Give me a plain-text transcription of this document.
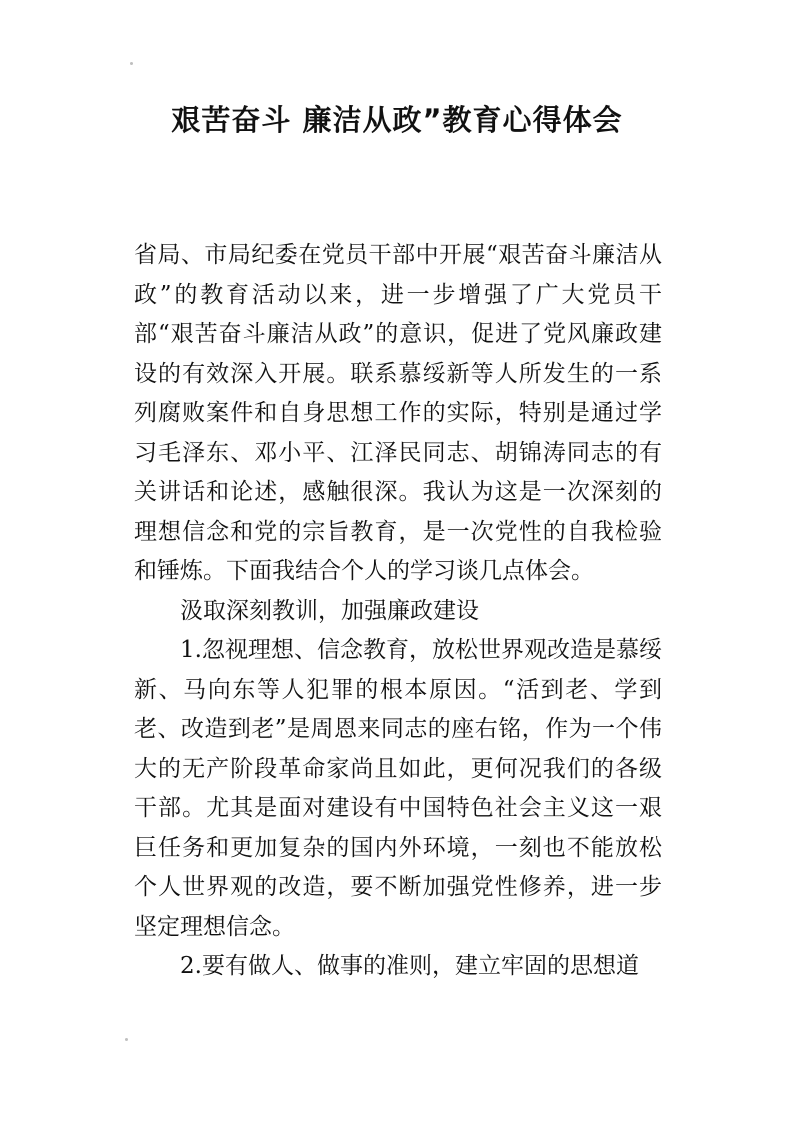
艰苦奋斗 廉洁从政”教育心得体会

省局、市局纪委在党员干部中开展“艰苦奋斗廉洁从政”的教育活动以来，进一步增强了广大党员干部“艰苦奋斗廉洁从政”的意识，促进了党风廉政建设的有效深入开展。联系慕绥新等人所发生的一系列腐败案件和自身思想工作的实际，特别是通过学习毛泽东、邓小平、江泽民同志、胡锦涛同志的有关讲话和论述，感触很深。我认为这是一次深刻的理想信念和党的宗旨教育，是一次党性的自我检验和锤炼。下面我结合个人的学习谈几点体会。

汲取深刻教训，加强廉政建设

1.忽视理想、信念教育，放松世界观改造是慕绥新、马向东等人犯罪的根本原因。“活到老、学到老、改造到老”是周恩来同志的座右铭，作为一个伟大的无产阶段革命家尚且如此，更何况我们的各级干部。尤其是面对建设有中国特色社会主义这一艰巨任务和更加复杂的国内外环境，一刻也不能放松个人世界观的改造，要不断加强党性修养，进一步坚定理想信念。

2.要有做人、做事的准则，建立牢固的思想道
